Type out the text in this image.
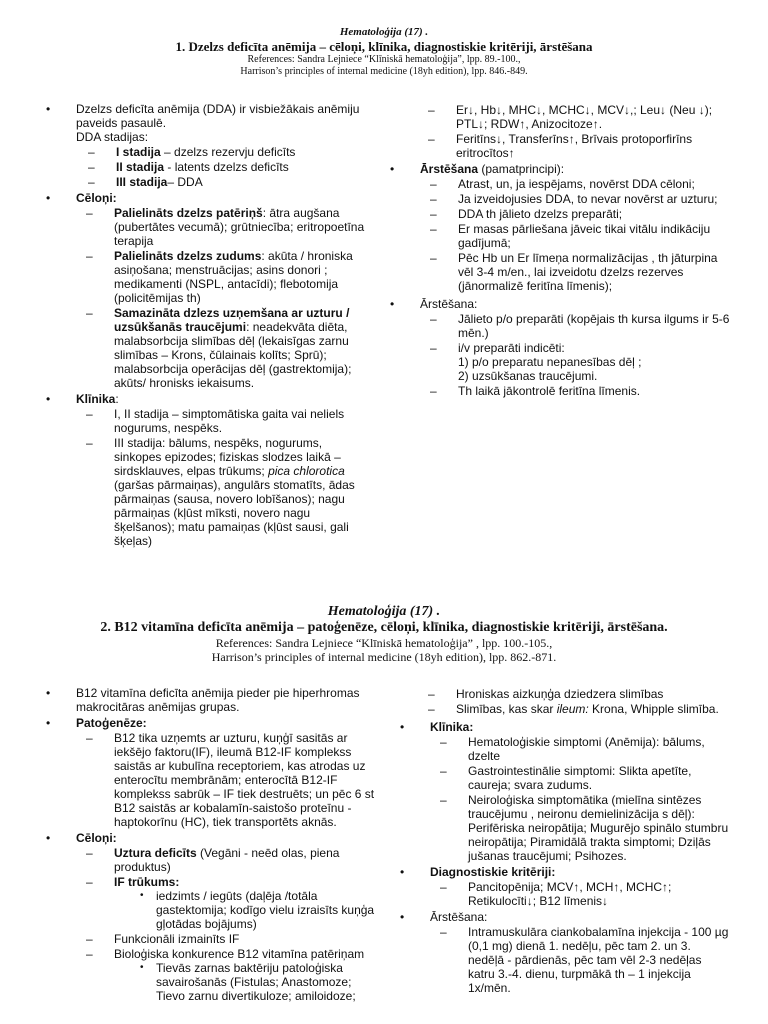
Hematoloģija (17) .
1. Dzelzs deficīta anēmija – cēloņi, klīnika, diagnostiskie kritēriji, ārstēšana
References: Sandra Lejniece “Klīniskā hematoloģija”, lpp. 89.-100.,
Harrison’s principles of internal medicine (18yh edition), lpp. 846.-849.
• Dzelzs deficīta anēmija (DDA) ir visbiežākais anēmiju paveids pasaulē.
DDA stadijas:
– I stadija – dzelzs rezervju deficīts
– II stadija - latents dzelzs deficīts
– III stadija– DDA
• Cēloņi:
– Palielināts dzelzs patēriņš: ātra augšana (pubertātes vecumā); grūtniecība; eritropoetīna terapija
– Palielināts dzelzs zudums: akūta / hroniska asiņošana; menstruācijas; asins donori ; medikamenti (NSPL, antacīdi); flebotomija (policitēmijas th)
– Samazināta dzlezs uzņemšana ar uzturu / uzsūkšanās traucējumi: neadekvāta diēta, malabsorbcija slimības dēļ (lekaisīgas zarnu slimības – Krons, čūlainais kolīts; Sprū); malabsorbcija operācijas dēļ (gastrektomija); akūts/ hronisks iekaisums.
• Klīnika:
– I, II stadija – simptomātiska gaita vai neliels nogurums, nespēks.
– III stadija: bālums, nespēks, nogurums, sinkopes epizodes; fiziskas slodzes laikā – sirdsklauves, elpas trūkums; pica chlorotica (garšas pārmaiņas), angulārs stomatīts, ādas pārmaiņas (sausa, novero lobīšanos); nagu pārmaiņas (kļūst mīksti, novero nagu šķelšanos); matu pamaiņas (kļūst sausi, gali šķeļas)
– Er↓, Hb↓, MHC↓, MCHC↓, MCV↓,; Leu↓ (Neu ↓); PTL↓; RDW↑, Anizocitoze↑.
– Feritīns↓, Transferīns↑, Brīvais protoporfirīns eritrocītos↑
• Ārstēšana (pamatprincipi):
– Atrast, un, ja iespējams, novērst DDA cēloni;
– Ja izveidojusies DDA, to nevar novērst ar uzturu;
– DDA th jālieto dzelzs preparāti;
– Er masas pārliešana jāveic tikai vitālu indikāciju gadījumā;
– Pēc Hb un Er līmeņa normalizācijas , th jāturpina vēl 3-4 m/en., lai izveidotu dzelzs rezerves (jānormalizē feritīna līmenis);
• Ārstēšana:
– Jālieto p/o preparāti (kopējais th kursa ilgums ir 5-6 mēn.)
– i/v preparāti indicēti:
1) p/o preparatu nepanesības dēļ ;
2) uzsūkšanas traucējumi.
– Th laikā jākontrolē feritīna līmenis.
Hematoloģija (17) .
2. B12 vitamīna deficīta anēmija – patoģenēze, cēloņi, klīnika, diagnostiskie kritēriji, ārstēšana.
References: Sandra Lejniece “Klīniskā hematoloģija” , lpp. 100.-105.,
Harrison’s principles of internal medicine (18yh edition), lpp. 862.-871.
• B12 vitamīna deficīta anēmija pieder pie hiperhromas makrocitāras anēmijas grupas.
• Patoģenēze:
– B12 tika uzņemts ar uzturu, kuņģī sasitās ar iekšējo faktoru(IF), ileumā B12-IF komplekss saistās ar kubulīna receptoriem, kas atrodas uz enterocītu membrānām; enterocītā B12-IF komplekss sabrūk – IF tiek destruēts; un pēc 6 st B12 saistās ar kobalamīn-saistošo proteīnu - haptokorīnu (HC), tiek transportēts aknās.
• Cēloņi:
– Uztura deficīts (Vegāni - neēd olas, piena produktus)
– IF trūkums:
• iedzimts / iegūts (daļēja /totāla gastektomija; kodīgo vielu izraisīts kuņģa gļotādas bojājums)
– Funkcionāli izmainīts IF
– Bioloģiska konkurence B12 vitamīna patēriņam
• Tievās zarnas baktēriju patoloģiska savairošanās (Fistulas; Anastomoze; Tievo zarnu divertikuloze; amiloidoze;
– Hroniskas aizkuņģa dziedzera slimības
– Slimības, kas skar ileum: Krona, Whipple slimība.
• Klīnika:
– Hematoloģiskie simptomi (Anēmija): bālums, dzelte
– Gastrointestinālie simptomi: Slikta apetīte, caureja; svara zudums.
– Neiroloģiska simptomātika (mielīna sintēzes traucējumu , neironu demielinizācija s dēļ): Perifēriska neiropātija; Mugurējo spinālo stumbru neiropātija; Piramidālā trakta simptomi; Dziļās jušanas traucējumi; Psihozes.
• Diagnostiskie kritēriji:
– Pancitopēnija; MCV↑, MCH↑, MCHC↑; Retikulocīti↓; B12 līmenis↓
• Ārstēšana:
– Intramuskulāra ciankobalamīna injekcija - 100 µg (0,1 mg) dienā 1. nedēļu, pēc tam 2. un 3. nedēļā - pārdienās, pēc tam vēl 2-3 nedēļas katru 3.-4. dienu, turpmākā th – 1 injekcija 1x/mēn.
